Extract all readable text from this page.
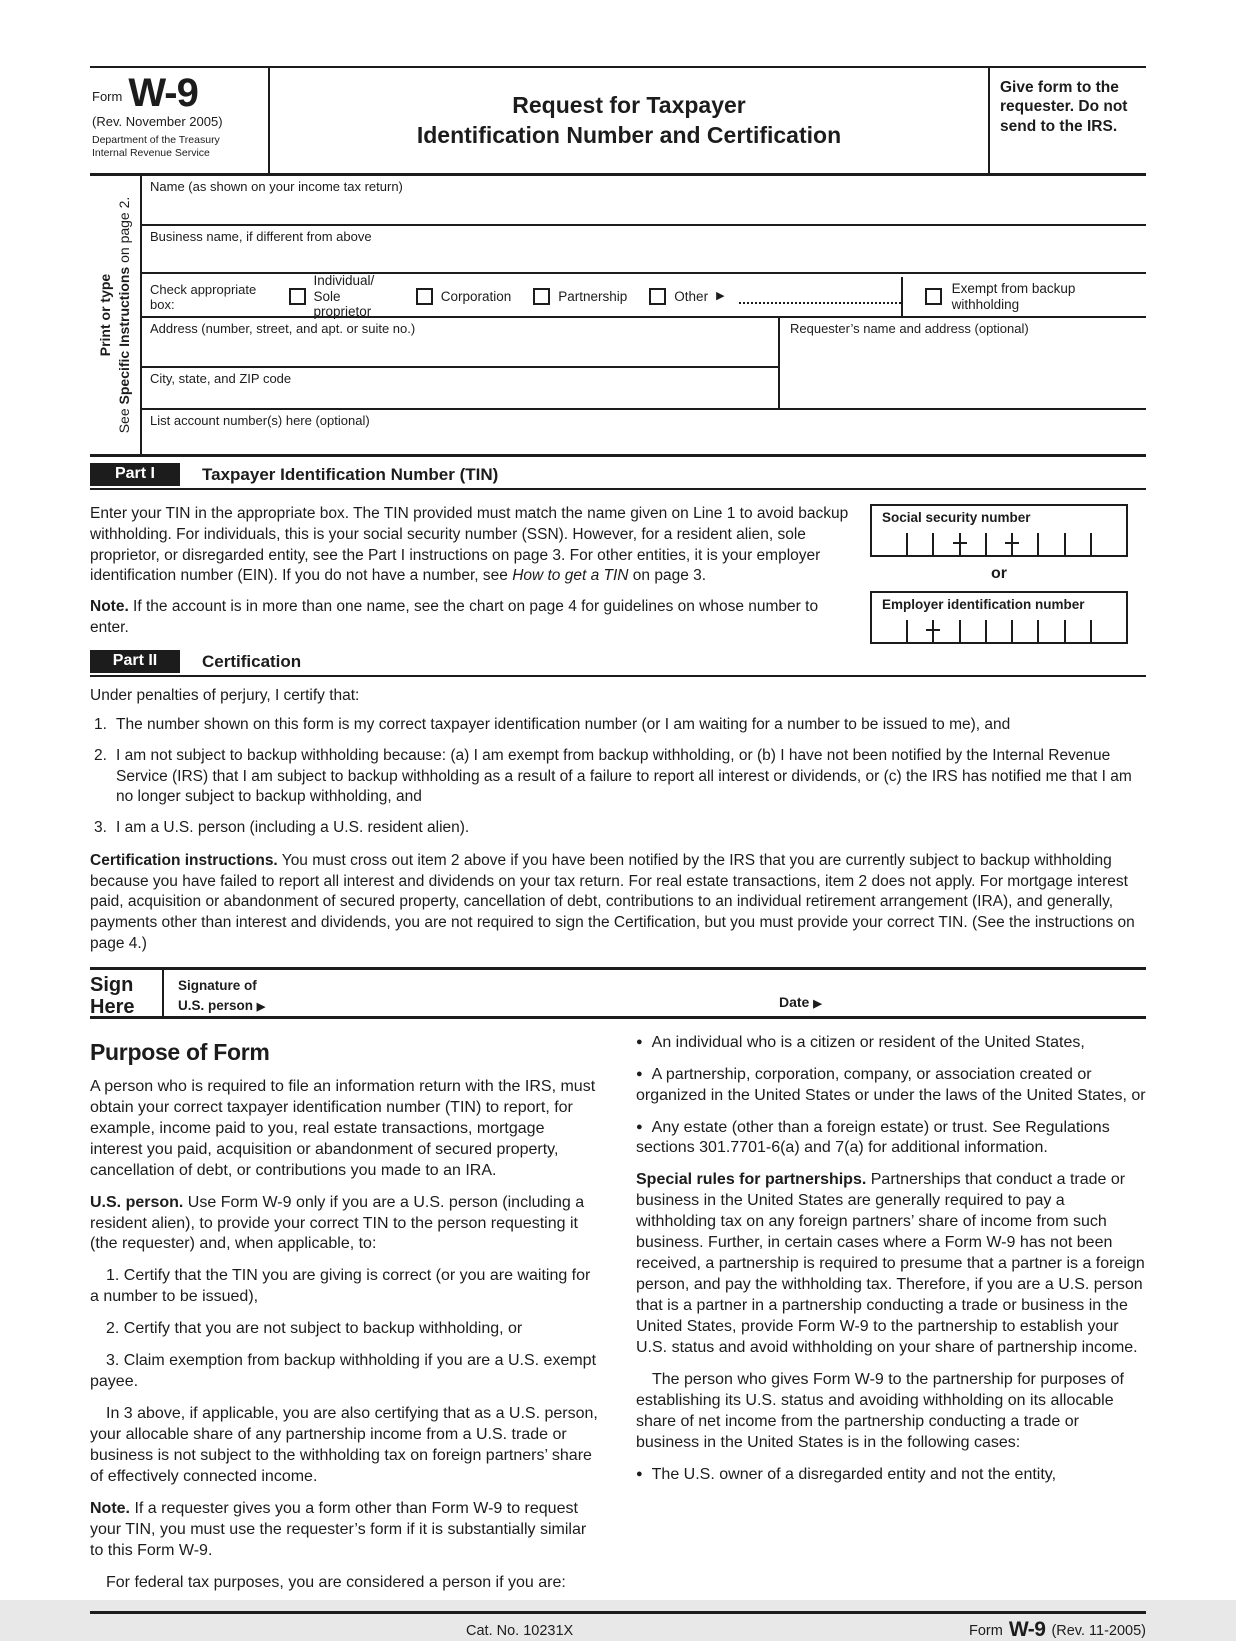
Form W-9
(Rev. November 2005)
Department of the Treasury
Internal Revenue Service
Request for Taxpayer
Identification Number and Certification
Give form to the requester. Do not send to the IRS.
Print or type
See Specific Instructions on page 2.
Name (as shown on your income tax return)
Business name, if different from above
Check appropriate box:
Individual/
Sole proprietor
Corporation	Partnership	Other ▶
Exempt from backup
withholding
Address (number, street, and apt. or suite no.)
City, state, and ZIP code
Requester’s name and address (optional)
List account number(s) here (optional)
Part I	Taxpayer Identification Number (TIN)

Enter your TIN in the appropriate box. The TIN provided must match the name given on Line 1 to avoid backup withholding. For individuals, this is your social security number (SSN). However, for a resident alien, sole proprietor, or disregarded entity, see the Part I instructions on page 3. For other entities, it is your employer identification number (EIN). If you do not have a number, see How to get a TIN on page 3.

Note. If the account is in more than one name, see the chart on page 4 for guidelines on whose number to enter.

Social security number
or
Employer identification number
Part II	Certification

Under penalties of perjury, I certify that:

1. The number shown on this form is my correct taxpayer identification number (or I am waiting for a number to be issued to me), and
2. I am not subject to backup withholding because: (a) I am exempt from backup withholding, or (b) I have not been notified by the Internal Revenue Service (IRS) that I am subject to backup withholding as a result of a failure to report all interest or dividends, or (c) the IRS has notified me that I am no longer subject to backup withholding, and
3. I am a U.S. person (including a U.S. resident alien).

Certification instructions. You must cross out item 2 above if you have been notified by the IRS that you are currently subject to backup withholding because you have failed to report all interest and dividends on your tax return. For real estate transactions, item 2 does not apply. For mortgage interest paid, acquisition or abandonment of secured property, cancellation of debt, contributions to an individual retirement arrangement (IRA), and generally, payments other than interest and dividends, you are not required to sign the Certification, but you must provide your correct TIN. (See the instructions on page 4.)

Sign
Here
Signature of
U.S. person ▶	Date ▶
Purpose of Form

A person who is required to file an information return with the IRS, must obtain your correct taxpayer identification number (TIN) to report, for example, income paid to you, real estate transactions, mortgage interest you paid, acquisition or abandonment of secured property, cancellation of debt, or contributions you made to an IRA.

U.S. person. Use Form W-9 only if you are a U.S. person (including a resident alien), to provide your correct TIN to the person requesting it (the requester) and, when applicable, to:

1. Certify that the TIN you are giving is correct (or you are waiting for a number to be issued),

2. Certify that you are not subject to backup withholding, or

3. Claim exemption from backup withholding if you are a U.S. exempt payee.

In 3 above, if applicable, you are also certifying that as a U.S. person, your allocable share of any partnership income from a U.S. trade or business is not subject to the withholding tax on foreign partners’ share of effectively connected income.

Note. If a requester gives you a form other than Form W-9 to request your TIN, you must use the requester’s form if it is substantially similar to this Form W-9.

For federal tax purposes, you are considered a person if you are:

● An individual who is a citizen or resident of the United States,

● A partnership, corporation, company, or association created or organized in the United States or under the laws of the United States, or

● Any estate (other than a foreign estate) or trust. See Regulations sections 301.7701-6(a) and 7(a) for additional information.

Special rules for partnerships. Partnerships that conduct a trade or business in the United States are generally required to pay a withholding tax on any foreign partners’ share of income from such business. Further, in certain cases where a Form W-9 has not been received, a partnership is required to presume that a partner is a foreign person, and pay the withholding tax. Therefore, if you are a U.S. person that is a partner in a partnership conducting a trade or business in the United States, provide Form W-9 to the partnership to establish your U.S. status and avoid withholding on your share of partnership income.

The person who gives Form W-9 to the partnership for purposes of establishing its U.S. status and avoiding withholding on its allocable share of net income from the partnership conducting a trade or business in the United States is in the following cases:

● The U.S. owner of a disregarded entity and not the entity,

Cat. No. 10231X	Form W-9 (Rev. 11-2005)
